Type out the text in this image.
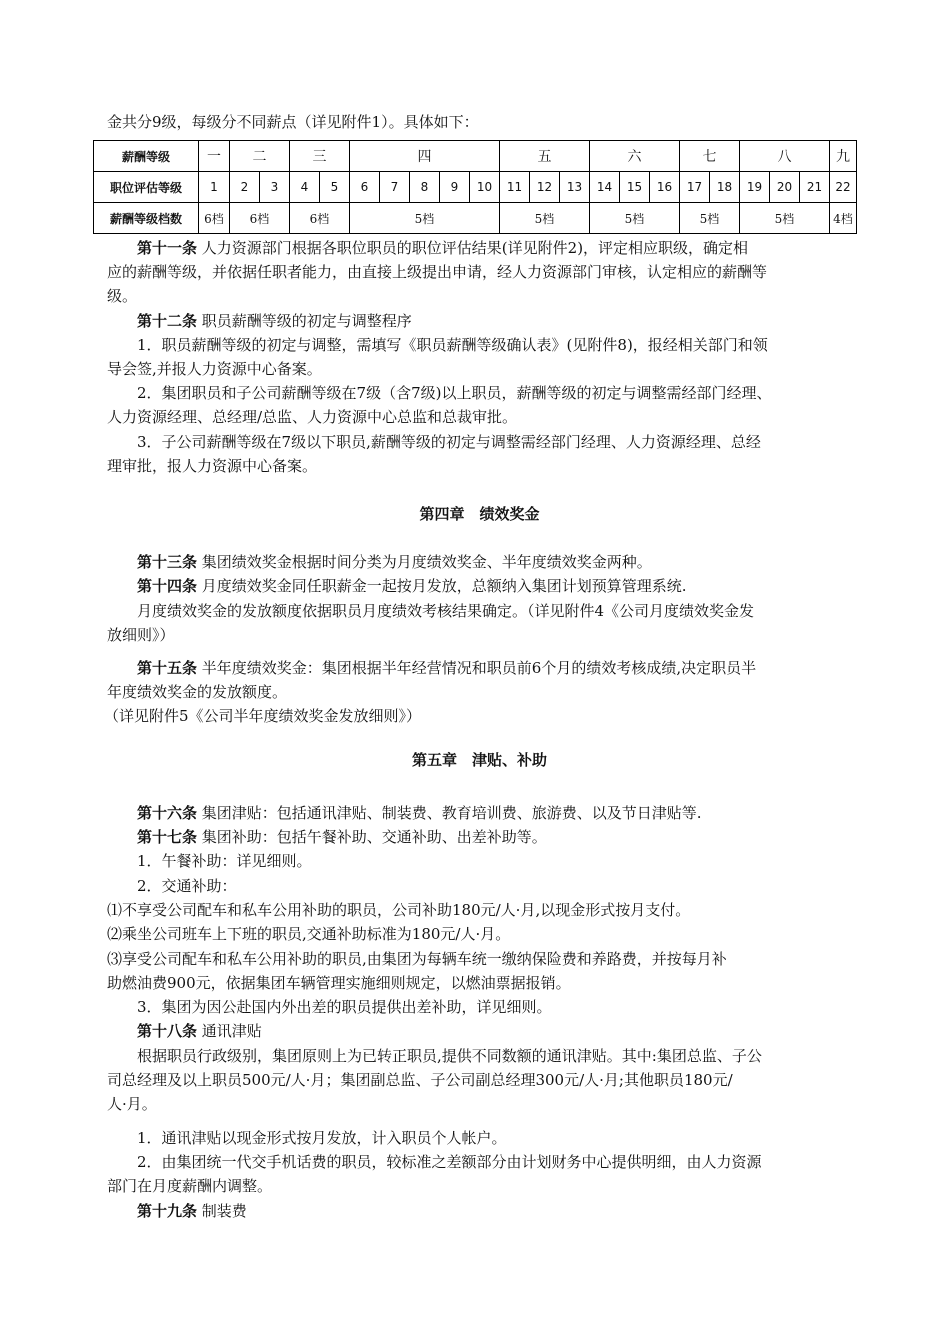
金共分9级，每级分不同薪点（详见附件1）。具体如下：
薪酬等级	一	二		三		四					五			六			七		八			九
职位评估等级	1	2	3	4	5	6	7	8	9	10	11	12	13	14	15	16	17	18	19	20	21	22
薪酬等级档数	6档	6档		6档		5档					5档			5档			5档		5档			4档
第十一条 人力资源部门根据各职位职员的职位评估结果(详见附件2)，评定相应职级，确定相
应的薪酬等级，并依据任职者能力，由直接上级提出申请，经人力资源部门审核，认定相应的薪酬等
级。
第十二条 职员薪酬等级的初定与调整程序
1．职员薪酬等级的初定与调整，需填写《职员薪酬等级确认表》(见附件8)，报经相关部门和领
导会签,并报人力资源中心备案。
2．集团职员和子公司薪酬等级在7级（含7级)以上职员，薪酬等级的初定与调整需经部门经理、
人力资源经理、总经理/总监、人力资源中心总监和总裁审批。
3．子公司薪酬等级在7级以下职员,薪酬等级的初定与调整需经部门经理、人力资源经理、总经
理审批，报人力资源中心备案。
第四章　绩效奖金
第十三条 集团绩效奖金根据时间分类为月度绩效奖金、半年度绩效奖金两种。
第十四条 月度绩效奖金同任职薪金一起按月发放，总额纳入集团计划预算管理系统.
月度绩效奖金的发放额度依据职员月度绩效考核结果确定。（详见附件4《公司月度绩效奖金发
放细则》）
第十五条 半年度绩效奖金：集团根据半年经营情况和职员前6个月的绩效考核成绩,决定职员半
年度绩效奖金的发放额度。
（详见附件5《公司半年度绩效奖金发放细则》）
第五章　津贴、补助
第十六条 集团津贴：包括通讯津贴、制装费、教育培训费、旅游费、以及节日津贴等.
第十七条 集团补助：包括午餐补助、交通补助、出差补助等。
1．午餐补助：详见细则。
2．交通补助：
⑴不享受公司配车和私车公用补助的职员，公司补助180元/人·月,以现金形式按月支付。
⑵乘坐公司班车上下班的职员,交通补助标准为180元/人·月。
⑶享受公司配车和私车公用补助的职员,由集团为每辆车统一缴纳保险费和养路费，并按每月补
助燃油费900元，依据集团车辆管理实施细则规定，以燃油票据报销。
3．集团为因公赴国内外出差的职员提供出差补助，详见细则。
第十八条 通讯津贴
根据职员行政级别，集团原则上为已转正职员,提供不同数额的通讯津贴。其中:集团总监、子公
司总经理及以上职员500元/人·月；集团副总监、子公司副总经理300元/人·月;其他职员180元/
人·月。
1．通讯津贴以现金形式按月发放，计入职员个人帐户。
2．由集团统一代交手机话费的职员，较标准之差额部分由计划财务中心提供明细，由人力资源
部门在月度薪酬内调整。
第十九条 制装费
